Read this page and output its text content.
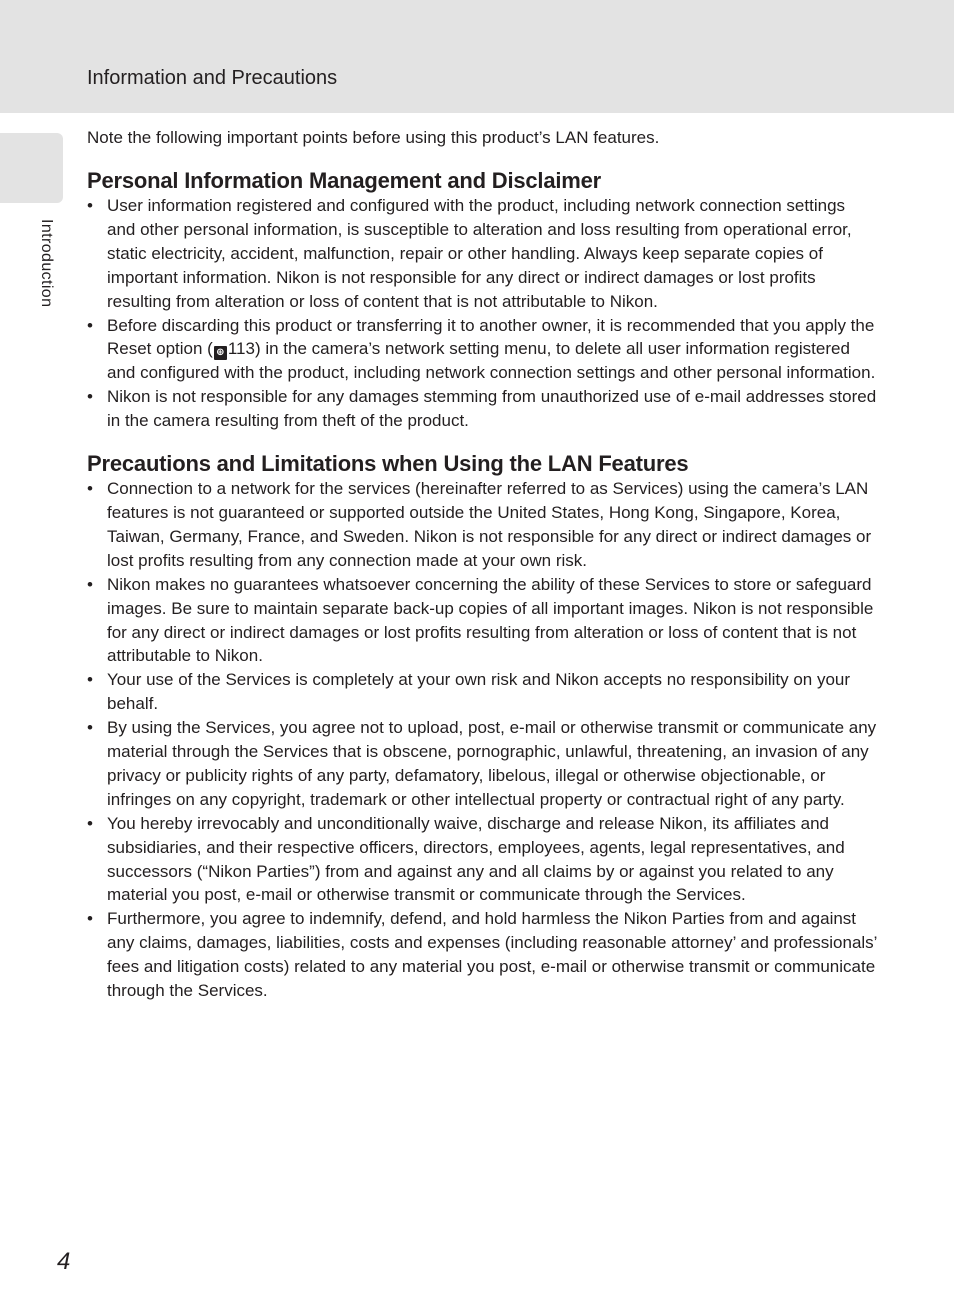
Information and Precautions
Introduction

Note the following important points before using this product’s LAN features.

Personal Information Management and Disclaimer
• User information registered and configured with the product, including network connection settings and other personal information, is susceptible to alteration and loss resulting from operational error, static electricity, accident, malfunction, repair or other handling. Always keep separate copies of important information. Nikon is not responsible for any direct or indirect damages or lost profits resulting from alteration or loss of content that is not attributable to Nikon.
• Before discarding this product or transferring it to another owner, it is recommended that you apply the Reset option ( ⊕ 113) in the camera’s network setting menu, to delete all user information registered and configured with the product, including network connection settings and other personal information.
• Nikon is not responsible for any damages stemming from unauthorized use of e-mail addresses stored in the camera resulting from theft of the product.
Precautions and Limitations when Using the LAN Features
• Connection to a network for the services (hereinafter referred to as Services) using the camera’s LAN features is not guaranteed or supported outside the United States, Hong Kong, Singapore, Korea, Taiwan, Germany, France, and Sweden. Nikon is not responsible for any direct or indirect damages or lost profits resulting from any connection made at your own risk.
• Nikon makes no guarantees whatsoever concerning the ability of these Services to store or safeguard images. Be sure to maintain separate back-up copies of all important images. Nikon is not responsible for any direct or indirect damages or lost profits resulting from alteration or loss of content that is not attributable to Nikon.
• Your use of the Services is completely at your own risk and Nikon accepts no responsibility on your behalf.
• By using the Services, you agree not to upload, post, e-mail or otherwise transmit or communicate any material through the Services that is obscene, pornographic, unlawful, threatening, an invasion of any privacy or publicity rights of any party, defamatory, libelous, illegal or otherwise objectionable, or infringes on any copyright, trademark or other intellectual property or contractual right of any party.
• You hereby irrevocably and unconditionally waive, discharge and release Nikon, its affiliates and subsidiaries, and their respective officers, directors, employees, agents, legal representatives, and successors (“Nikon Parties”) from and against any and all claims by or against you related to any material you post, e-mail or otherwise transmit or communicate through the Services.
• Furthermore, you agree to indemnify, defend, and hold harmless the Nikon Parties from and against any claims, damages, liabilities, costs and expenses (including reasonable attorney’ and professionals’ fees and litigation costs) related to any material you post, e-mail or otherwise transmit or communicate through the Services.
4
